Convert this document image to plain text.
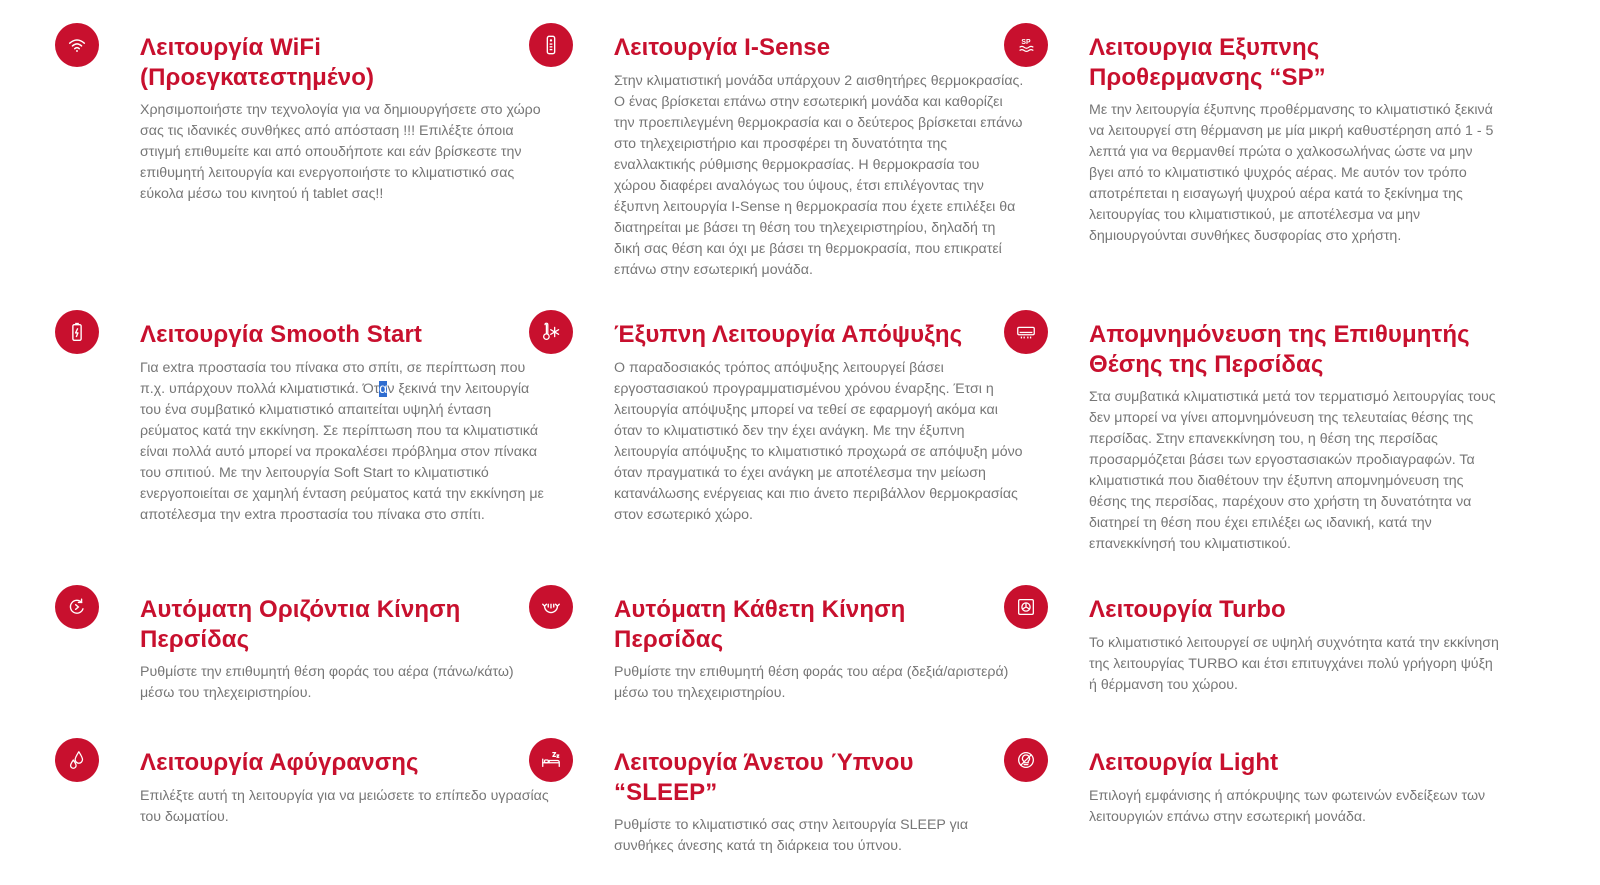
Λειτουργία WiFi (Προεγκατεστημένο)

Χρησιμοποιήστε την τεχνολογία για να δημιουργήσετε στο χώρο σας τις ιδανικές συνθήκες από απόσταση !!! Επιλέξτε όποια στιγμή επιθυμείτε και από οπουδήποτε και εάν βρίσκεστε την επιθυμητή λειτουργία και ενεργοποιήστε το κλιματιστικό σας εύκολα μέσω του κινητού ή tablet σας!!

Λειτουργία I-Sense

Στην κλιματιστική μονάδα υπάρχουν 2 αισθητήρες θερμοκρασίας. Ο ένας βρίσκεται επάνω στην εσωτερική μονάδα και καθορίζει την προεπιλεγμένη θερμοκρασία και ο δεύτερος βρίσκεται επάνω στο τηλεχειριστήριο και προσφέρει τη δυνατότητα της εναλλακτικής ρύθμισης θερμοκρασίας. Η θερμοκρασία του χώρου διαφέρει αναλόγως του ύψους, έτσι επιλέγοντας την έξυπνη λειτουργία I-Sense η θερμοκρασία που έχετε επιλέξει θα διατηρείται με βάσει τη θέση του τηλεχειριστηρίου, δηλαδή τη δική σας θέση και όχι με βάσει τη θερμοκρασία, που επικρατεί επάνω στην εσωτερική μονάδα.

SP Λειτουργια Εξυπνης Προθερμανσης “SP”

Με την λειτουργία έξυπνης προθέρμανσης το κλιματιστικό ξεκινά να λειτουργεί στη θέρμανση με μία μικρή καθυστέρηση από 1 - 5 λεπτά για να θερμανθεί πρώτα ο χαλκοσωλήνας ώστε να μην βγει από το κλιματιστικό ψυχρός αέρας. Με αυτόν τον τρόπο αποτρέπεται η εισαγωγή ψυχρού αέρα κατά το ξεκίνημα της λειτουργίας του κλιματιστικού, με αποτέλεσμα να μην δημιουργούνται συνθήκες δυσφορίας στο χρήστη.

Λειτουργία Smooth Start

Για extra προστασία του πίνακα στο σπίτι, σε περίπτωση που π.χ. υπάρχουν πολλά κλιματιστικά. Όταν ξεκινά την λειτουργία του ένα συμβατικό κλιματιστικό απαιτείται υψηλή ένταση ρεύματος κατά την εκκίνηση. Σε περίπτωση που τα κλιματιστικά είναι πολλά αυτό μπορεί να προκαλέσει πρόβλημα στον πίνακα του σπιτιού. Με την λειτουργία Soft Start το κλιματιστικό ενεργοποιείται σε χαμηλή ένταση ρεύματος κατά την εκκίνηση με αποτέλεσμα την extra προστασία του πίνακα στο σπίτι.

Έξυπνη Λειτουργία Απόψυξης

Ο παραδοσιακός τρόπος απόψυξης λειτουργεί βάσει εργοστασιακού προγραμματισμένου χρόνου έναρξης. Έτσι η λειτουργία απόψυξης μπορεί να τεθεί σε εφαρμογή ακόμα και όταν το κλιματιστικό δεν την έχει ανάγκη. Με την έξυπνη λειτουργία απόψυξης το κλιματιστικό προχωρά σε απόψυξη μόνο όταν πραγματικά το έχει ανάγκη με αποτέλεσμα την μείωση κατανάλωσης ενέργειας και πιο άνετο περιβάλλον θερμοκρασίας στον εσωτερικό χώρο.

Απομνημόνευση της Επιθυμητής Θέσης της Περσίδας

Στα συμβατικά κλιματιστικά μετά τον τερματισμό λειτουργίας τους δεν μπορεί να γίνει απομνημόνευση της τελευταίας θέσης της περσίδας. Στην επανεκκίνηση του, η θέση της περσίδας προσαρμόζεται βάσει των εργοστασιακών προδιαγραφών. Τα κλιματιστικά που διαθέτουν την έξυπνη απομνημόνευση της θέσης της περσίδας, παρέχουν στο χρήστη τη δυνατότητα να διατηρεί τη θέση που έχει επιλέξει ως ιδανική, κατά την επανεκκίνησή του κλιματιστικού.

Αυτόματη Οριζόντια Κίνηση Περσίδας

Ρυθμίστε την επιθυμητή θέση φοράς του αέρα (πάνω/κάτω) μέσω του τηλεχειριστηρίου.

Αυτόματη Κάθετη Κίνηση Περσίδας

Ρυθμίστε την επιθυμητή θέση φοράς του αέρα (δεξιά/αριστερά) μέσω του τηλεχειριστηρίου.

Λειτουργία Turbo

Το κλιματιστικό λειτουργεί σε υψηλή συχνότητα κατά την εκκίνηση της λειτουργίας TURBO και έτσι επιτυγχάνει πολύ γρήγορη ψύξη ή θέρμανση του χώρου.

Λειτουργία Αφύγρανσης

Επιλέξτε αυτή τη λειτουργία για να μειώσετε το επίπεδο υγρασίας του δωματίου.

Λειτουργία Άνετου Ύπνου “SLEEP”

Ρυθμίστε το κλιματιστικό σας στην λειτουργία SLEEP για συνθήκες άνεσης κατά τη διάρκεια του ύπνου.

Λειτουργία Light

Επιλογή εμφάνισης ή απόκρυψης των φωτεινών ενδείξεων των λειτουργιών επάνω στην εσωτερική μονάδα.
